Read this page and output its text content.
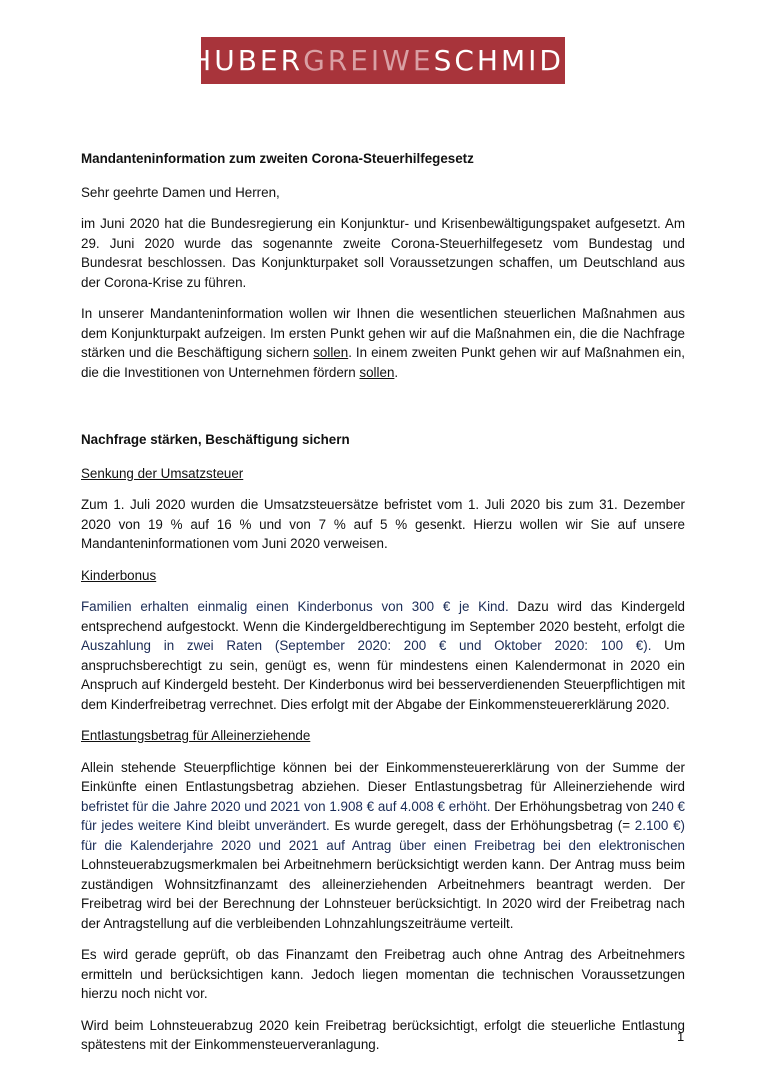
HUBER GREIWE SCHMID .

Mandanteninformation zum zweiten Corona-Steuerhilfegesetz

Sehr geehrte Damen und Herren,

im Juni 2020 hat die Bundesregierung ein Konjunktur- und Krisenbewältigungspaket aufgesetzt. Am 29. Juni 2020 wurde das sogenannte zweite Corona-Steuerhilfegesetz vom Bundestag und Bundesrat beschlossen. Das Konjunkturpaket soll Voraussetzungen schaffen, um Deutschland aus der Corona-Krise zu führen.

In unserer Mandanteninformation wollen wir Ihnen die wesentlichen steuerlichen Maßnahmen aus dem Konjunkturpakt aufzeigen. Im ersten Punkt gehen wir auf die Maßnahmen ein, die die Nachfrage stärken und die Beschäftigung sichern sollen. In einem zweiten Punkt gehen wir auf Maßnahmen ein, die die Investitionen von Unternehmen fördern sollen.

Nachfrage stärken, Beschäftigung sichern

Senkung der Umsatzsteuer

Zum 1. Juli 2020 wurden die Umsatzsteuersätze befristet vom 1. Juli 2020 bis zum 31. Dezember 2020 von 19 % auf 16 % und von 7 % auf 5 % gesenkt. Hierzu wollen wir Sie auf unsere Mandanteninformationen vom Juni 2020 verweisen.

Kinderbonus

Familien erhalten einmalig einen Kinderbonus von 300 € je Kind. Dazu wird das Kindergeld entsprechend aufgestockt. Wenn die Kindergeldberechtigung im September 2020 besteht, erfolgt die Auszahlung in zwei Raten (September 2020: 200 € und Oktober 2020: 100 €). Um anspruchsberechtigt zu sein, genügt es, wenn für mindestens einen Kalendermonat in 2020 ein Anspruch auf Kindergeld besteht. Der Kinderbonus wird bei besserverdienenden Steuerpflichtigen mit dem Kinderfreibetrag verrechnet. Dies erfolgt mit der Abgabe der Einkommensteuererklärung 2020.

Entlastungsbetrag für Alleinerziehende

Allein stehende Steuerpflichtige können bei der Einkommensteuererklärung von der Summe der Einkünfte einen Entlastungsbetrag abziehen. Dieser Entlastungsbetrag für Alleinerziehende wird befristet für die Jahre 2020 und 2021 von 1.908 € auf 4.008 € erhöht. Der Erhöhungsbetrag von 240 € für jedes weitere Kind bleibt unverändert. Es wurde geregelt, dass der Erhöhungsbetrag (= 2.100 €) für die Kalenderjahre 2020 und 2021 auf Antrag über einen Freibetrag bei den elektronischen Lohnsteuerabzugsmerkmalen bei Arbeitnehmern berücksichtigt werden kann. Der Antrag muss beim zuständigen Wohnsitzfinanzamt des alleinerziehenden Arbeitnehmers beantragt werden. Der Freibetrag wird bei der Berechnung der Lohnsteuer berücksichtigt. In 2020 wird der Freibetrag nach der Antragstellung auf die verbleibenden Lohnzahlungszeiträume verteilt.

Es wird gerade geprüft, ob das Finanzamt den Freibetrag auch ohne Antrag des Arbeitnehmers ermitteln und berücksichtigen kann. Jedoch liegen momentan die technischen Voraussetzungen hierzu noch nicht vor.

Wird beim Lohnsteuerabzug 2020 kein Freibetrag berücksichtigt, erfolgt die steuerliche Entlastung spätestens mit der Einkommensteuerveranlagung.

1
